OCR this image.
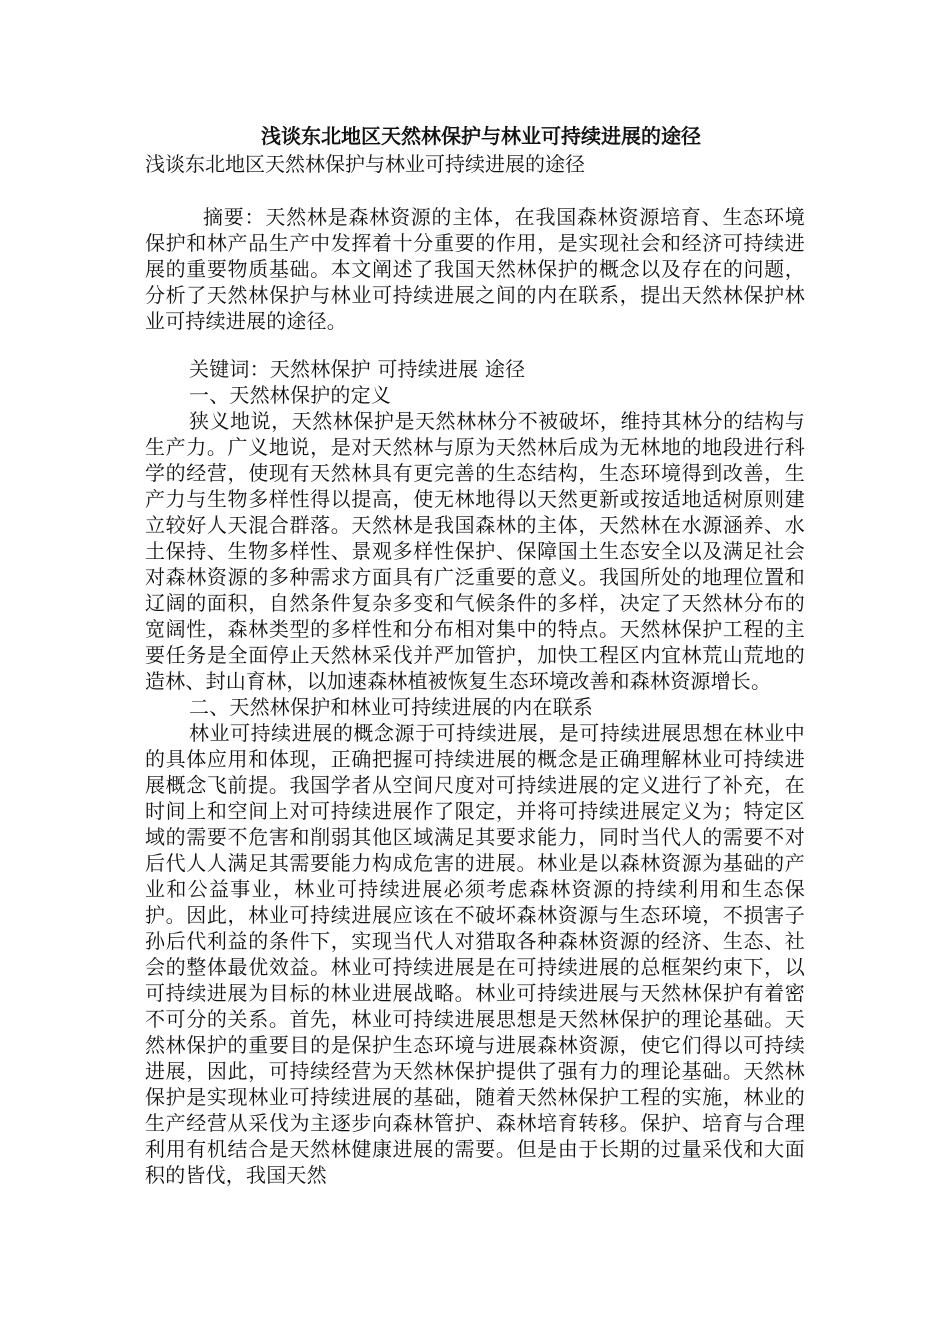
浅谈东北地区天然林保护与林业可持续进展的途径

浅谈东北地区天然林保护与林业可持续进展的途径

摘要：天然林是森林资源的主体，在我国森林资源培育、生态环境保护和林产品生产中发挥着十分重要的作用，是实现社会和经济可持续进展的重要物质基础。本文阐述了我国天然林保护的概念以及存在的问题，分析了天然林保护与林业可持续进展之间的内在联系，提出天然林保护林业可持续进展的途径。

关键词：天然林保护 可持续进展 途径

一、天然林保护的定义

狭义地说，天然林保护是天然林林分不被破坏，维持其林分的结构与生产力。广义地说，是对天然林与原为天然林后成为无林地的地段进行科学的经营，使现有天然林具有更完善的生态结构，生态环境得到改善，生产力与生物多样性得以提高，使无林地得以天然更新或按适地适树原则建立较好人天混合群落。天然林是我国森林的主体，天然林在水源涵养、水土保持、生物多样性、景观多样性保护、保障国土生态安全以及满足社会对森林资源的多种需求方面具有广泛重要的意义。我国所处的地理位置和辽阔的面积，自然条件复杂多变和气候条件的多样，决定了天然林分布的宽阔性，森林类型的多样性和分布相对集中的特点。天然林保护工程的主要任务是全面停止天然林采伐并严加管护，加快工程区内宜林荒山荒地的造林、封山育林，以加速森林植被恢复生态环境改善和森林资源增长。

二、天然林保护和林业可持续进展的内在联系

林业可持续进展的概念源于可持续进展，是可持续进展思想在林业中的具体应用和体现，正确把握可持续进展的概念是正确理解林业可持续进展概念飞前提。我国学者从空间尺度对可持续进展的定义进行了补充，在时间上和空间上对可持续进展作了限定，并将可持续进展定义为；特定区域的需要不危害和削弱其他区域满足其要求能力，同时当代人的需要不对后代人人满足其需要能力构成危害的进展。林业是以森林资源为基础的产业和公益事业，林业可持续进展必须考虑森林资源的持续利用和生态保护。因此，林业可持续进展应该在不破坏森林资源与生态环境，不损害子孙后代利益的条件下，实现当代人对猎取各种森林资源的经济、生态、社会的整体最优效益。林业可持续进展是在可持续进展的总框架约束下，以可持续进展为目标的林业进展战略。林业可持续进展与天然林保护有着密不可分的关系。首先，林业可持续进展思想是天然林保护的理论基础。天然林保护的重要目的是保护生态环境与进展森林资源，使它们得以可持续进展，因此，可持续经营为天然林保护提供了强有力的理论基础。天然林保护是实现林业可持续进展的基础，随着天然林保护工程的实施，林业的生产经营从采伐为主逐步向森林管护、森林培育转移。保护、培育与合理利用有机结合是天然林健康进展的需要。但是由于长期的过量采伐和大面积的皆伐，我国天然
